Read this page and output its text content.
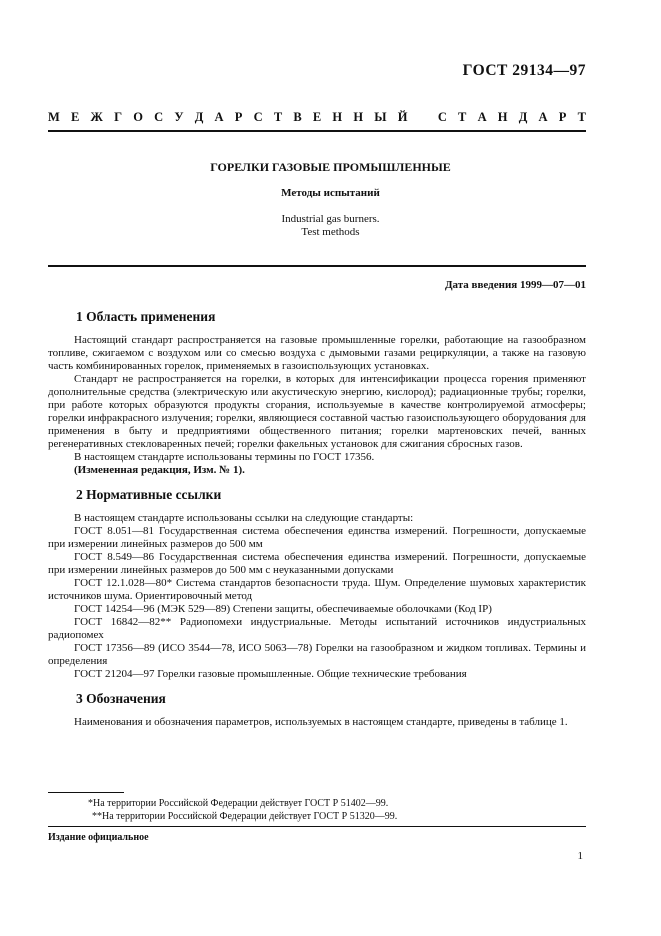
ГОСТ 29134—97
М Е Ж Г О С У Д А Р С Т В Е Н Н Ы Й С Т А Н Д А Р Т
ГОРЕЛКИ ГАЗОВЫЕ ПРОМЫШЛЕННЫЕ
Методы испытаний
Industrial gas burners.
Test methods
Дата введения 1999—07—01
1 Область применения

Настоящий стандарт распространяется на газовые промышленные горелки, работающие на газообразном топливе, сжигаемом с воздухом или со смесью воздуха с дымовыми газами рециркуляции, а также на газовую часть комбинированных горелок, применяемых в газоиспользующих установках.

Стандарт не распространяется на горелки, в которых для интенсификации процесса горения применяют дополнительные средства (электрическую или акустическую энергию, кислород); радиационные трубы; горелки, при работе которых образуются продукты сгорания, используемые в качестве контролируемой атмосферы; горелки инфракрасного излучения; горелки, являющиеся составной частью газоиспользующего оборудования для применения в быту и предприятиями общественного питания; горелки мартеновских печей, ванных регенеративных стекловаренных печей; горелки факельных установок для сжигания сбросных газов.

В настоящем стандарте использованы термины по ГОСТ 17356.

(Измененная редакция, Изм. № 1).

2 Нормативные ссылки

В настоящем стандарте использованы ссылки на следующие стандарты:

ГОСТ 8.051—81 Государственная система обеспечения единства измерений. Погрешности, допускаемые при измерении линейных размеров до 500 мм

ГОСТ 8.549—86 Государственная система обеспечения единства измерений. Погрешности, допускаемые при измерении линейных размеров до 500 мм с неуказанными допусками

ГОСТ 12.1.028—80* Система стандартов безопасности труда. Шум. Определение шумовых характеристик источников шума. Ориентировочный метод

ГОСТ 14254—96 (МЭК 529—89) Степени защиты, обеспечиваемые оболочками (Код IP)

ГОСТ 16842—82** Радиопомехи индустриальные. Методы испытаний источников индустриальных радиопомех

ГОСТ 17356—89 (ИСО 3544—78, ИСО 5063—78) Горелки на газообразном и жидком топливах. Термины и определения

ГОСТ 21204—97 Горелки газовые промышленные. Общие технические требования

3 Обозначения

Наименования и обозначения параметров, используемых в настоящем стандарте, приведены в таблице 1.

*На территории Российской Федерации действует ГОСТ Р 51402—99.

**На территории Российской Федерации действует ГОСТ Р 51320—99.

Издание официальное
1
